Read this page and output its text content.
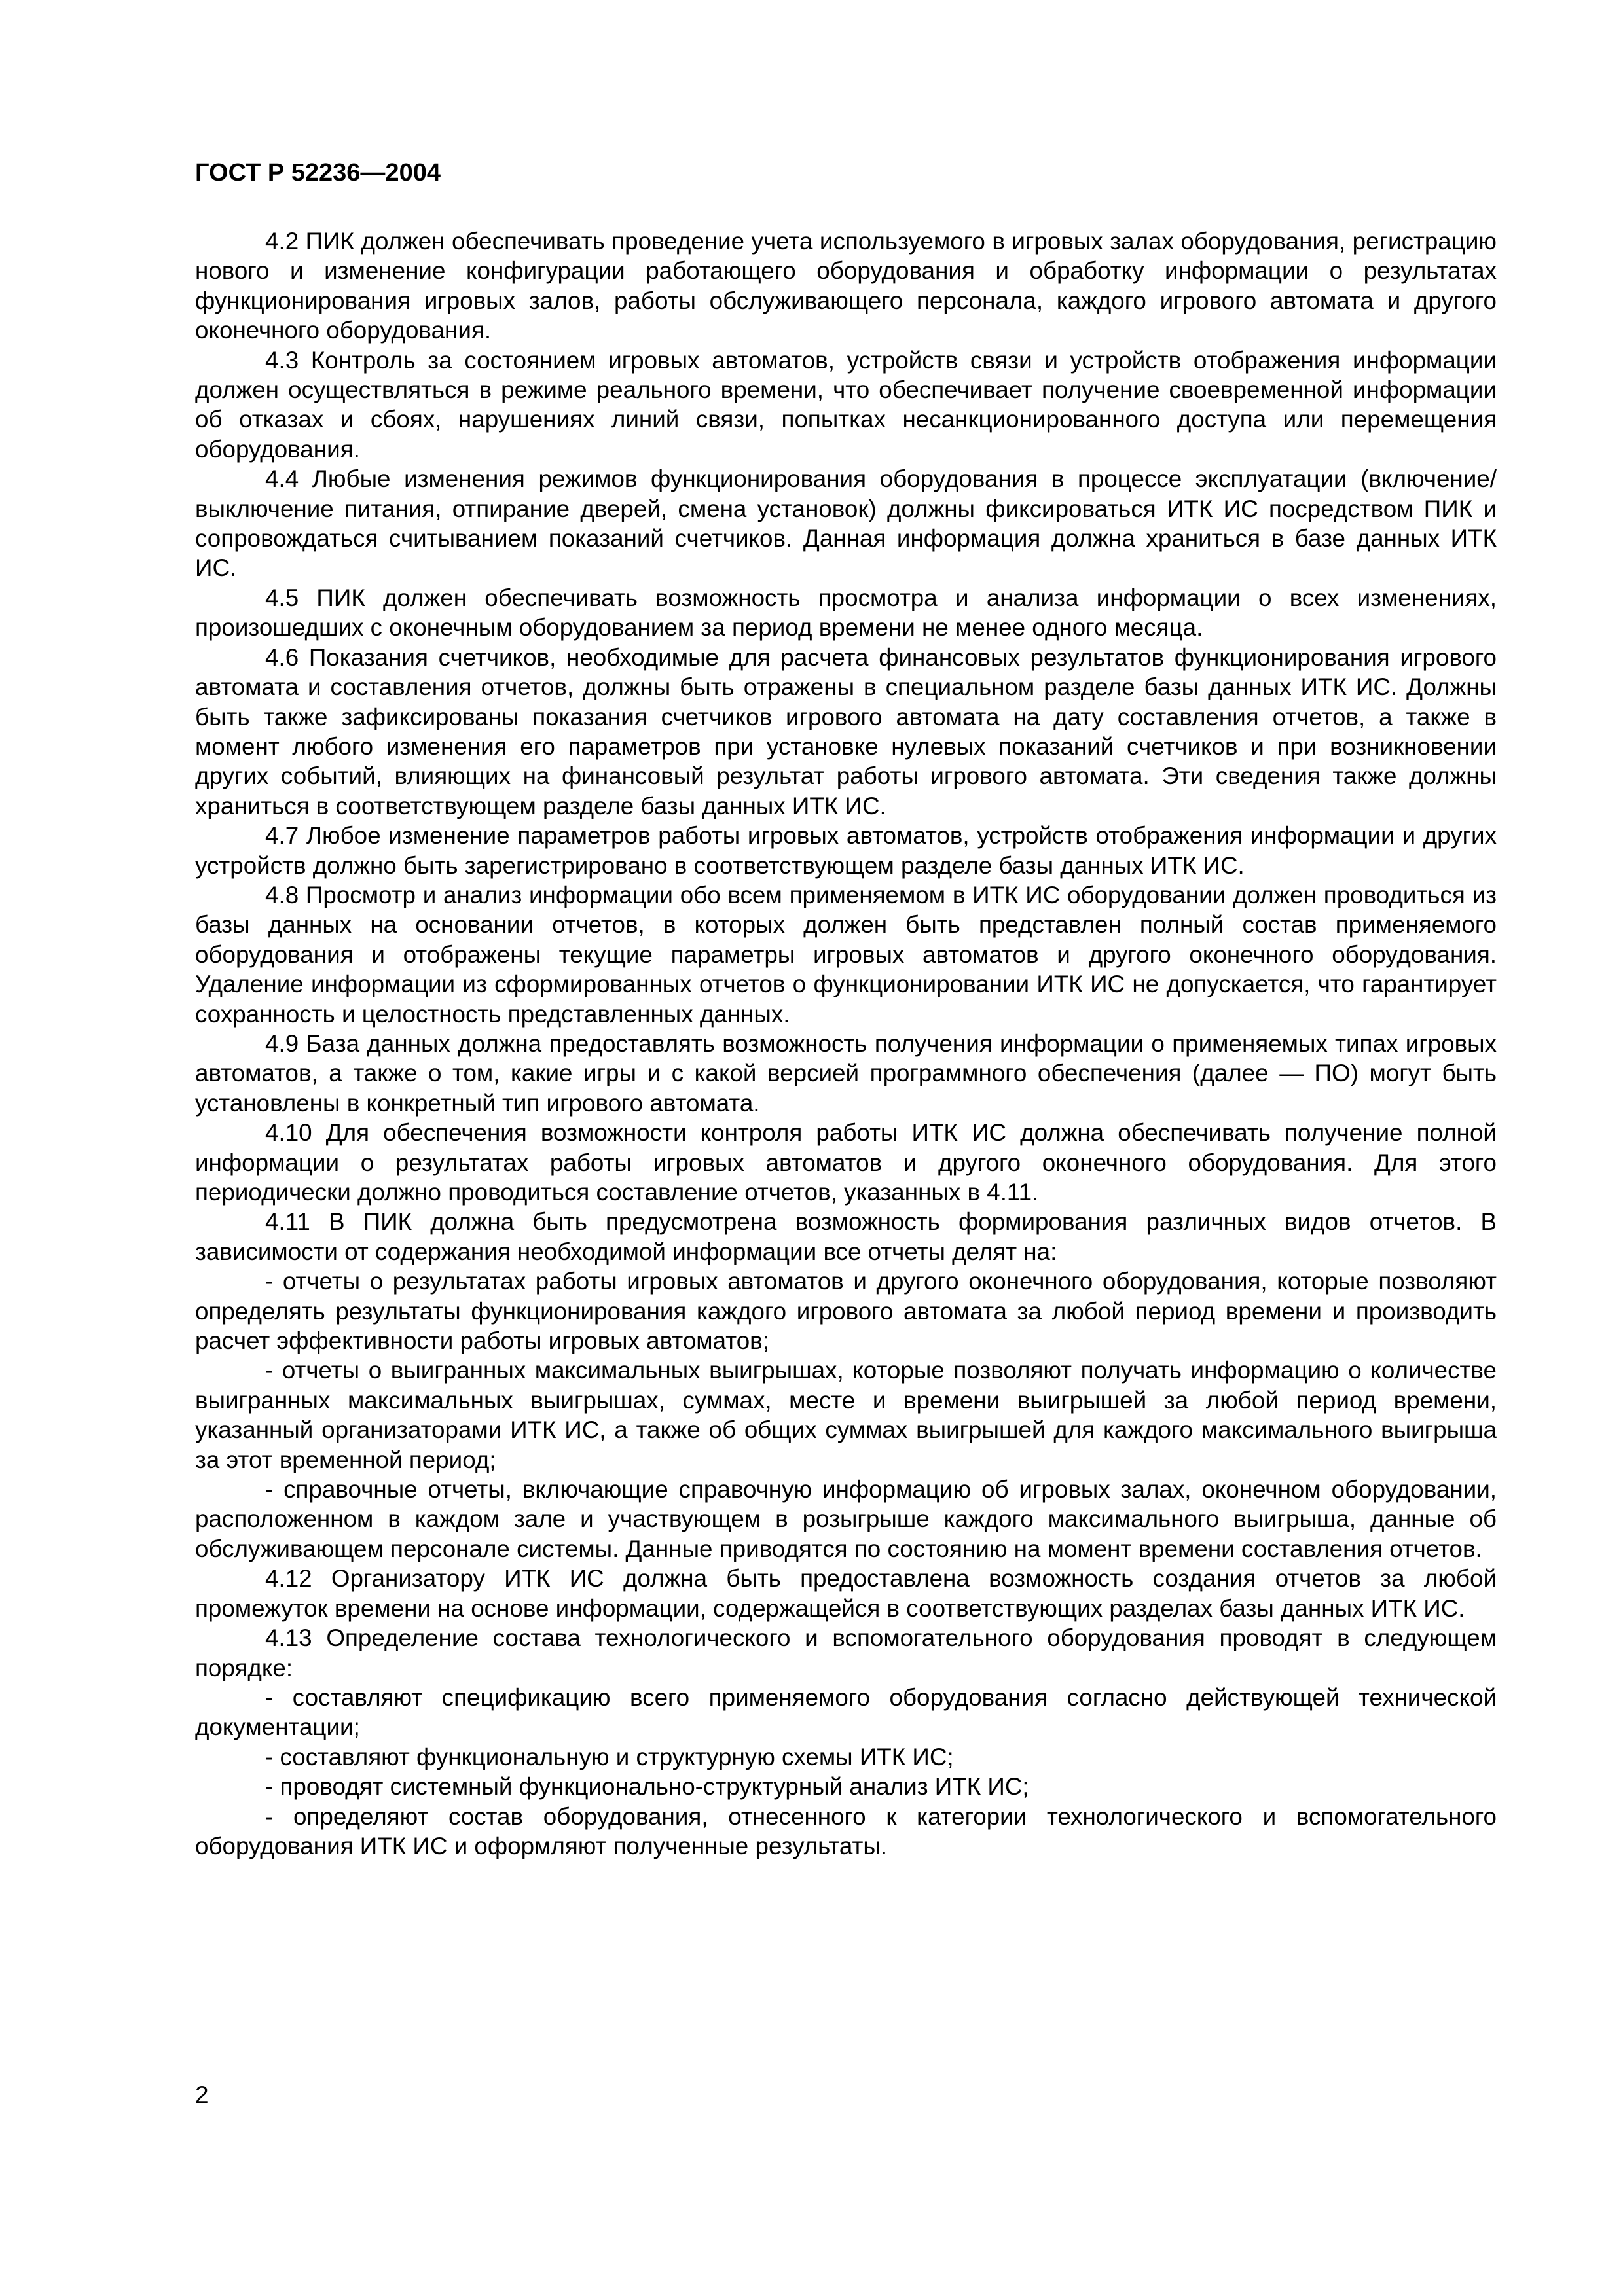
ГОСТ Р 52236—2004

4.2 ПИК должен обеспечивать проведение учета используемого в игровых залах оборудования, регистрацию нового и изменение конфигурации работающего оборудования и обработку информации о результатах функционирования игровых залов, работы обслуживающего персонала, каждого игрового автомата и другого оконечного оборудования.

4.3 Контроль за состоянием игровых автоматов, устройств связи и устройств отображения информации должен осуществляться в режиме реального времени, что обеспечивает получение своевременной информации об отказах и сбоях, нарушениях линий связи, попытках несанкционированного доступа или перемещения оборудования.

4.4 Любые изменения режимов функционирования оборудования в процессе эксплуатации (включение/выключение питания, отпирание дверей, смена установок) должны фиксироваться ИТК ИС посредством ПИК и сопровождаться считыванием показаний счетчиков. Данная информация должна храниться в базе данных ИТК ИС.

4.5 ПИК должен обеспечивать возможность просмотра и анализа информации о всех изменениях, произошедших с оконечным оборудованием за период времени не менее одного месяца.

4.6 Показания счетчиков, необходимые для расчета финансовых результатов функционирования игрового автомата и составления отчетов, должны быть отражены в специальном разделе базы данных ИТК ИС. Должны быть также зафиксированы показания счетчиков игрового автомата на дату составления отчетов, а также в момент любого изменения его параметров при установке нулевых показаний счетчиков и при возникновении других событий, влияющих на финансовый результат работы игрового автомата. Эти сведения также должны храниться в соответствующем разделе базы данных ИТК ИС.

4.7 Любое изменение параметров работы игровых автоматов, устройств отображения информации и других устройств должно быть зарегистрировано в соответствующем разделе базы данных ИТК ИС.

4.8 Просмотр и анализ информации обо всем применяемом в ИТК ИС оборудовании должен проводиться из базы данных на основании отчетов, в которых должен быть представлен полный состав применяемого оборудования и отображены текущие параметры игровых автоматов и другого оконечного оборудования. Удаление информации из сформированных отчетов о функционировании ИТК ИС не допускается, что гарантирует сохранность и целостность представленных данных.

4.9 База данных должна предоставлять возможность получения информации о применяемых типах игровых автоматов, а также о том, какие игры и с какой версией программного обеспечения (далее — ПО) могут быть установлены в конкретный тип игрового автомата.

4.10 Для обеспечения возможности контроля работы ИТК ИС должна обеспечивать получение полной информации о результатах работы игровых автоматов и другого оконечного оборудования. Для этого периодически должно проводиться составление отчетов, указанных в 4.11.

4.11 В ПИК должна быть предусмотрена возможность формирования различных видов отчетов. В зависимости от содержания необходимой информации все отчеты делят на:

- отчеты о результатах работы игровых автоматов и другого оконечного оборудования, которые позволяют определять результаты функционирования каждого игрового автомата за любой период времени и производить расчет эффективности работы игровых автоматов;

- отчеты о выигранных максимальных выигрышах, которые позволяют получать информацию о количестве выигранных максимальных выигрышах, суммах, месте и времени выигрышей за любой период времени, указанный организаторами ИТК ИС, а также об общих суммах выигрышей для каждого максимального выигрыша за этот временной период;

- справочные отчеты, включающие справочную информацию об игровых залах, оконечном оборудовании, расположенном в каждом зале и участвующем в розыгрыше каждого максимального выигрыша, данные об обслуживающем персонале системы. Данные приводятся по состоянию на момент времени составления отчетов.

4.12 Организатору ИТК ИС должна быть предоставлена возможность создания отчетов за любой промежуток времени на основе информации, содержащейся в соответствующих разделах базы данных ИТК ИС.

4.13 Определение состава технологического и вспомогательного оборудования проводят в следующем порядке:

- составляют спецификацию всего применяемого оборудования согласно действующей технической документации;

- составляют функциональную и структурную схемы ИТК ИС;

- проводят системный функционально-структурный анализ ИТК ИС;

- определяют состав оборудования, отнесенного к категории технологического и вспомогательного оборудования ИТК ИС и оформляют полученные результаты.

2
